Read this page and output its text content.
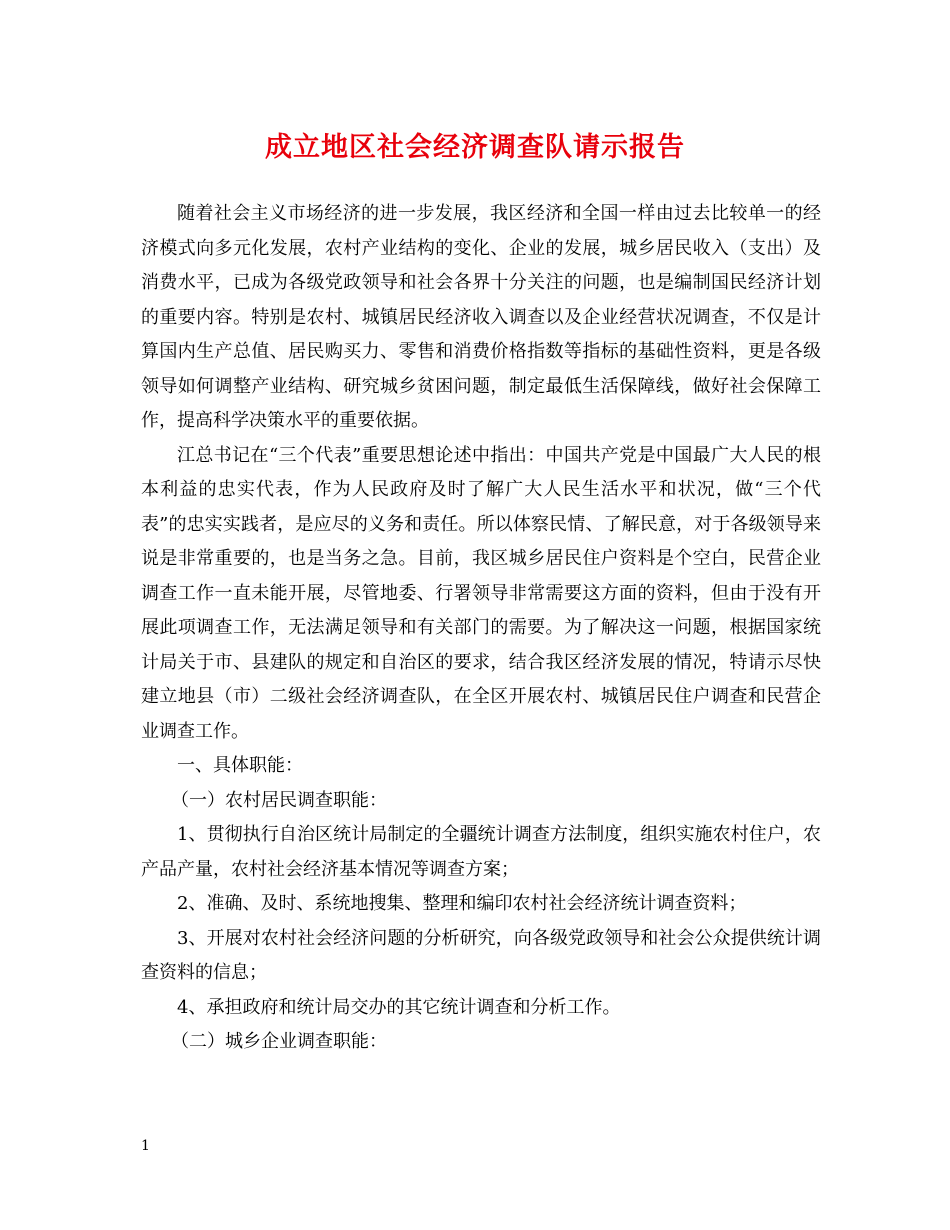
成立地区社会经济调查队请示报告

随着社会主义市场经济的进一步发展，我区经济和全国一样由过去比较单一的经济模式向多元化发展，农村产业结构的变化、企业的发展，城乡居民收入（支出）及消费水平，已成为各级党政领导和社会各界十分关注的问题，也是编制国民经济计划的重要内容。特别是农村、城镇居民经济收入调查以及企业经营状况调查，不仅是计算国内生产总值、居民购买力、零售和消费价格指数等指标的基础性资料，更是各级领导如何调整产业结构、研究城乡贫困问题，制定最低生活保障线，做好社会保障工作，提高科学决策水平的重要依据。

江总书记在“三个代表”重要思想论述中指出：中国共产党是中国最广大人民的根本利益的忠实代表，作为人民政府及时了解广大人民生活水平和状况，做“三个代表”的忠实实践者，是应尽的义务和责任。所以体察民情、了解民意，对于各级领导来说是非常重要的，也是当务之急。目前，我区城乡居民住户资料是个空白，民营企业调查工作一直未能开展，尽管地委、行署领导非常需要这方面的资料，但由于没有开展此项调查工作，无法满足领导和有关部门的需要。为了解决这一问题，根据国家统计局关于市、县建队的规定和自治区的要求，结合我区经济发展的情况，特请示尽快建立地县（市）二级社会经济调查队，在全区开展农村、城镇居民住户调查和民营企业调查工作。

一、具体职能：

（一）农村居民调查职能：

1、贯彻执行自治区统计局制定的全疆统计调查方法制度，组织实施农村住户，农产品产量，农村社会经济基本情况等调查方案；

2、准确、及时、系统地搜集、整理和编印农村社会经济统计调查资料；

3、开展对农村社会经济问题的分析研究，向各级党政领导和社会公众提供统计调查资料的信息；

4、承担政府和统计局交办的其它统计调查和分析工作。

（二）城乡企业调查职能：

1
